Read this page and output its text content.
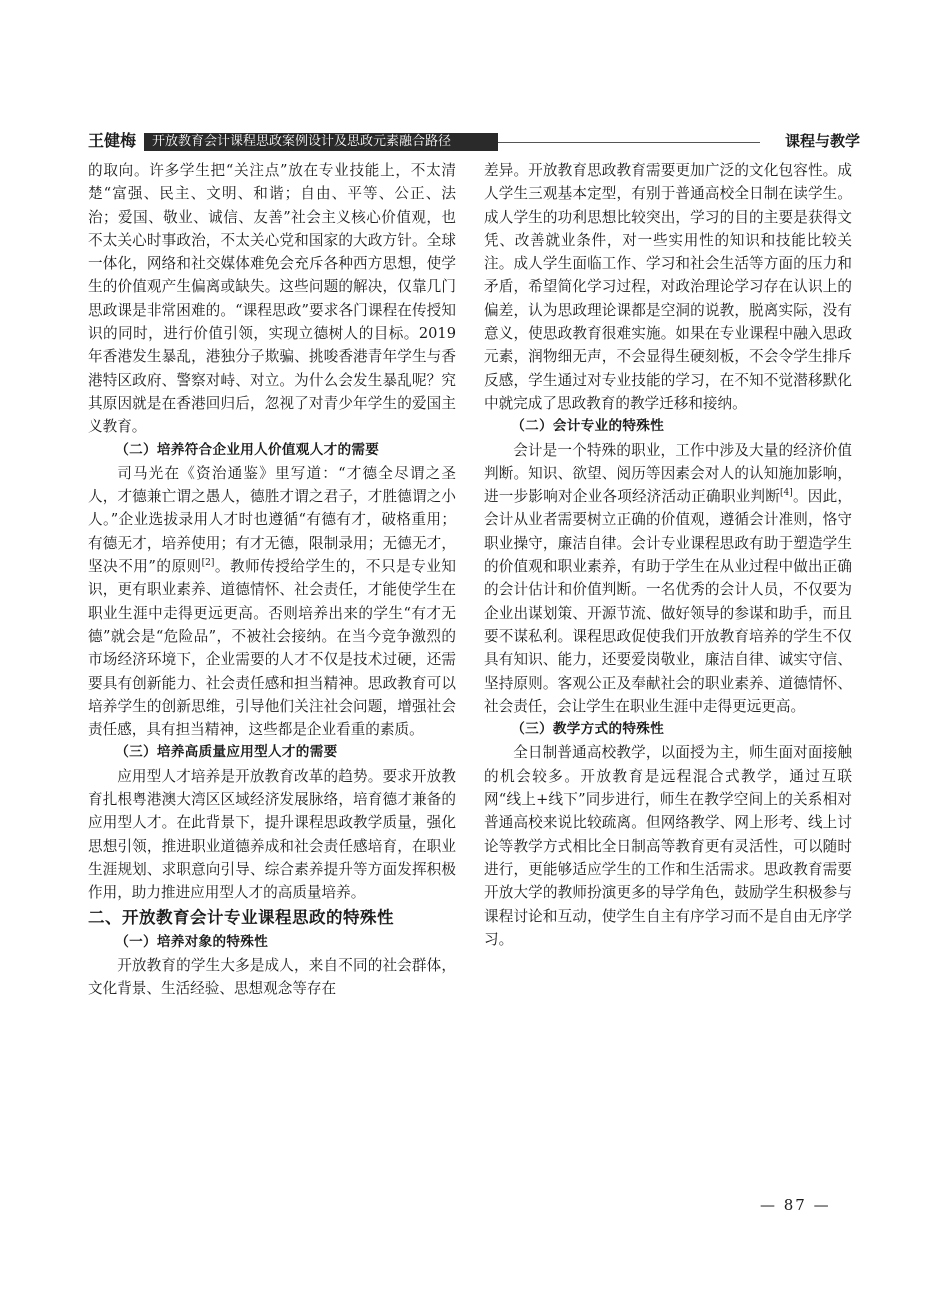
王健梅	开放教育会计课程思政案例设计及思政元素融合路径	课程与教学

的取向。许多学生把“关注点”放在专业技能上，不太清楚“富强、民主、文明、和谐；自由、平等、公正、法治；爱国、敬业、诚信、友善”社会主义核心价值观，也不太关心时事政治，不太关心党和国家的大政方针。全球一体化，网络和社交媒体难免会充斥各种西方思想，使学生的价值观产生偏离或缺失。这些问题的解决，仅靠几门思政课是非常困难的。“课程思政”要求各门课程在传授知识的同时，进行价值引领，实现立德树人的目标。2019 年香港发生暴乱，港独分子欺骗、挑唆香港青年学生与香港特区政府、警察对峙、对立。为什么会发生暴乱呢？究其原因就是在香港回归后，忽视了对青少年学生的爱国主义教育。

（二）培养符合企业用人价值观人才的需要

司马光在《资治通鉴》里写道：“才德全尽谓之圣人，才德兼亡谓之愚人，德胜才谓之君子，才胜德谓之小人。”企业选拔录用人才时也遵循“有德有才，破格重用；有德无才，培养使用；有才无德，限制录用；无德无才，坚决不用”的原则[2]。教师传授给学生的，不只是专业知识，更有职业素养、道德情怀、社会责任，才能使学生在职业生涯中走得更远更高。否则培养出来的学生“有才无德”就会是“危险品”，不被社会接纳。在当今竞争激烈的市场经济环境下，企业需要的人才不仅是技术过硬，还需要具有创新能力、社会责任感和担当精神。思政教育可以培养学生的创新思维，引导他们关注社会问题，增强社会责任感，具有担当精神，这些都是企业看重的素质。

（三）培养高质量应用型人才的需要

应用型人才培养是开放教育改革的趋势。要求开放教育扎根粤港澳大湾区区域经济发展脉络，培育德才兼备的应用型人才。在此背景下，提升课程思政教学质量，强化思想引领，推进职业道德养成和社会责任感培育，在职业生涯规划、求职意向引导、综合素养提升等方面发挥积极作用，助力推进应用型人才的高质量培养。

二、开放教育会计专业课程思政的特殊性

（一）培养对象的特殊性

开放教育的学生大多是成人，来自不同的社会群体，文化背景、生活经验、思想观念等存在

差异。开放教育思政教育需要更加广泛的文化包容性。成人学生三观基本定型，有别于普通高校全日制在读学生。成人学生的功利思想比较突出，学习的目的主要是获得文凭、改善就业条件，对一些实用性的知识和技能比较关注。成人学生面临工作、学习和社会生活等方面的压力和矛盾，希望简化学习过程，对政治理论学习存在认识上的偏差，认为思政理论课都是空洞的说教，脱离实际，没有意义，使思政教育很难实施。如果在专业课程中融入思政元素，润物细无声，不会显得生硬刻板，不会令学生排斥反感，学生通过对专业技能的学习，在不知不觉潜移默化中就完成了思政教育的教学迁移和接纳。

（二）会计专业的特殊性

会计是一个特殊的职业，工作中涉及大量的经济价值判断。知识、欲望、阅历等因素会对人的认知施加影响，进一步影响对企业各项经济活动正确职业判断[4]。因此，会计从业者需要树立正确的价值观，遵循会计准则，恪守职业操守，廉洁自律。会计专业课程思政有助于塑造学生的价值观和职业素养，有助于学生在从业过程中做出正确的会计估计和价值判断。一名优秀的会计人员，不仅要为企业出谋划策、开源节流、做好领导的参谋和助手，而且要不谋私利。课程思政促使我们开放教育培养的学生不仅具有知识、能力，还要爱岗敬业，廉洁自律、诚实守信、坚持原则。客观公正及奉献社会的职业素养、道德情怀、社会责任，会让学生在职业生涯中走得更远更高。

（三）教学方式的特殊性

全日制普通高校教学，以面授为主，师生面对面接触的机会较多。开放教育是远程混合式教学，通过互联网“线上+线下”同步进行，师生在教学空间上的关系相对普通高校来说比较疏离。但网络教学、网上形考、线上讨论等教学方式相比全日制高等教育更有灵活性，可以随时进行，更能够适应学生的工作和生活需求。思政教育需要开放大学的教师扮演更多的导学角色，鼓励学生积极参与课程讨论和互动，使学生自主有序学习而不是自由无序学习。

— 87 —
